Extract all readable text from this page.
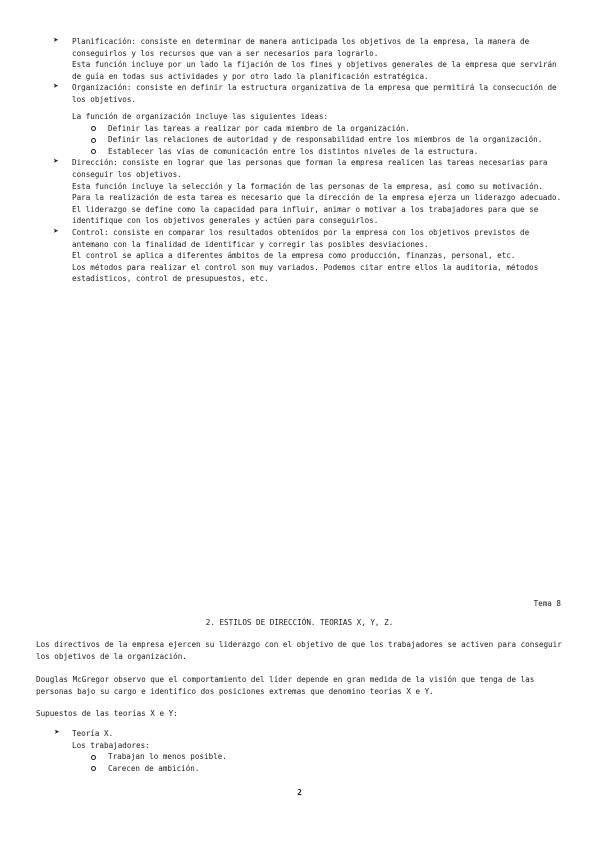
➤	Planificación: consiste en determinar de manera anticipada los objetivos de la empresa, la manera de
conseguirlos y los recursos que van a ser necesarios para lograrlo.
Esta función incluye por un lado la fijación de los fines y objetivos generales de la empresa que servirán
de guía en todas sus actividades y por otro lado la planificación estratégica.
➤	Organización: consiste en definir la estructura organizativa de la empresa que permitirá la consecución de
los objetivos.
La función de organización incluye las siguientes ideas:
Definir las tareas a realizar por cada miembro de la organización.
Definir las relaciones de autoridad y de responsabilidad entre los miembros de la organización.
Establecer las vías de comunicación entre los distintos niveles de la estructura.
➤	Dirección: consiste en lograr que las personas que forman la empresa realicen las tareas necesarias para
conseguir los objetivos.
Esta función incluye la selección y la formación de las personas de la empresa, así como su motivación.
Para la realización de esta tarea es necesario que la dirección de la empresa ejerza un liderazgo adecuado.
El liderazgo se define como la capacidad para influir, animar o motivar a los trabajadores para que se
identifique con los objetivos generales y actúen para conseguirlos.
➤	Control: consiste en comparar los resultados obtenidos por la empresa con los objetivos previstos de
antemano con la finalidad de identificar y corregir las posibles desviaciones.
El control se aplica a diferentes ámbitos de la empresa como producción, finanzas, personal, etc.
Los métodos para realizar el control son muy variados. Podemos citar entre ellos la auditoria, métodos
estadísticos, control de presupuestos, etc.
Tema 8
2. ESTILOS DE DIRECCIÓN. TEORIAS X, Y, Z.
Los directivos de la empresa ejercen su liderazgo con el objetivo de que los trabajadores se activen para conseguir
los objetivos de la organización.
Douglas McGregor observo que el comportamiento del líder depende en gran medida de la visión que tenga de las
personas bajo su cargo e identifico dos posiciones extremas que denomino teorías X e Y.
Supuestos de las teorías X e Y:
➤	Teoría X.
Los trabajadores:
Trabajan lo menos posible.
Carecen de ambición.
2
